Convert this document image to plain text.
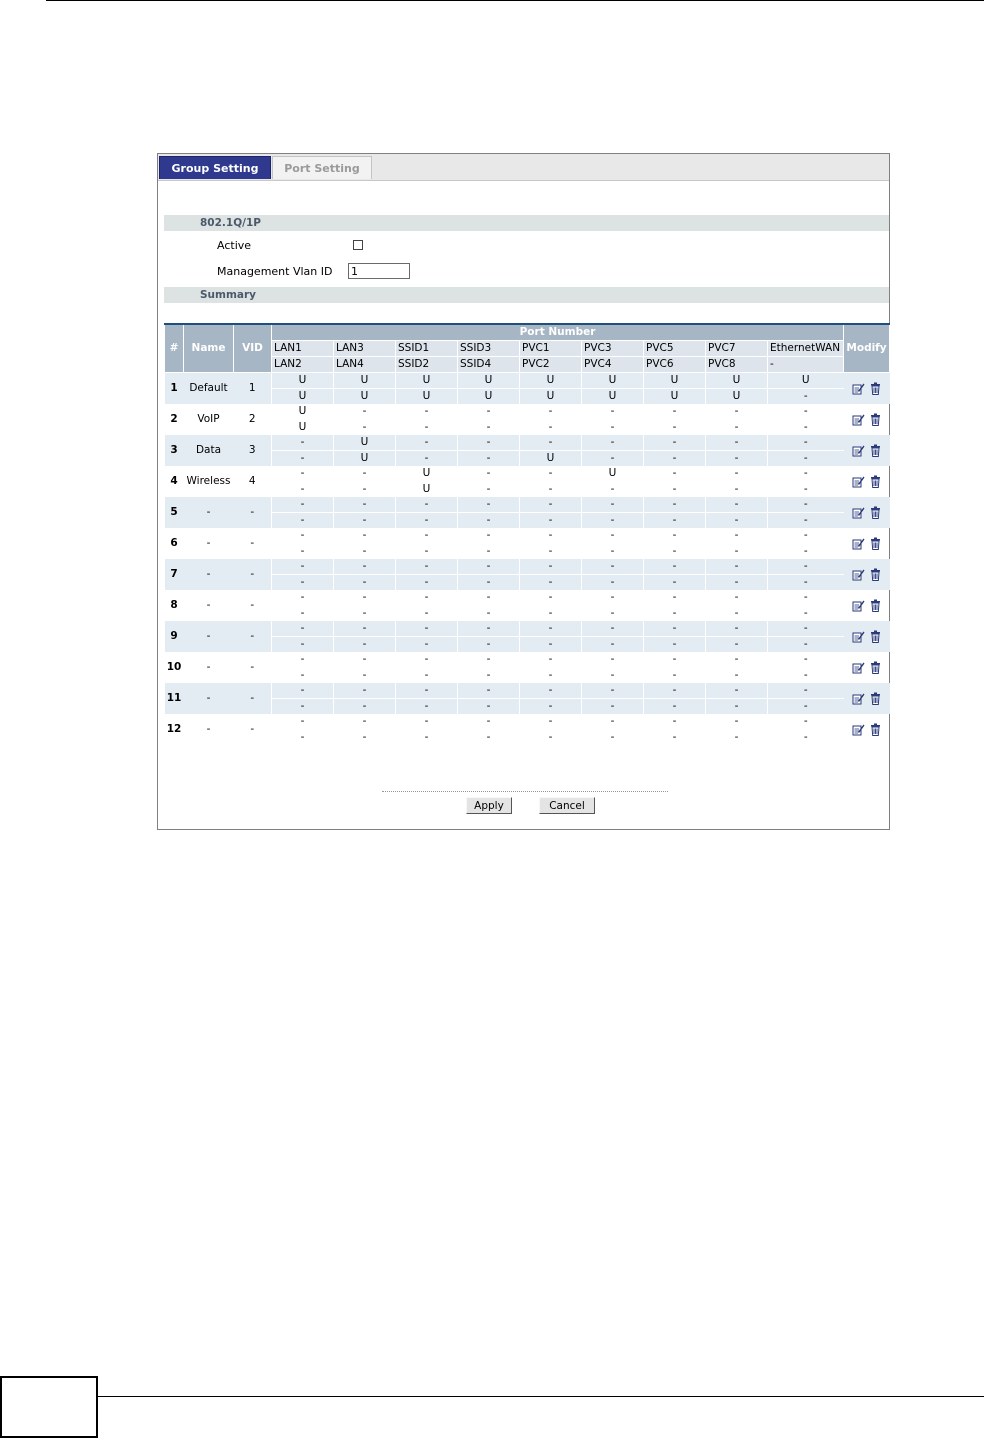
Group Setting	Port Setting
802.1Q/1P
Active
Management Vlan ID
1
Summary
#	Name	VID	Port Number									Modify
			LAN1	LAN3	SSID1	SSID3	PVC1	PVC3	PVC5	PVC7	EthernetWAN	
			LAN2	LAN4	SSID2	SSID4	PVC2	PVC4	PVC6	PVC8	-	
1	Default	1	U	U	U	U	U	U	U	U	U	
			U	U	U	U	U	U	U	U	-	
2	VoIP	2	U	-	-	-	-	-	-	-	-	
			U	-	-	-	-	-	-	-	-	
3	Data	3	-	U	-	-	-	-	-	-	-	
			-	U	-	-	U	-	-	-	-	
4	Wireless	4	-	-	U	-	-	U	-	-	-	
			-	-	U	-	-	-	-	-	-	
5	-	-	-	-	-	-	-	-	-	-	-	
			-	-	-	-	-	-	-	-	-	
6	-	-	-	-	-	-	-	-	-	-	-	
			-	-	-	-	-	-	-	-	-	
7	-	-	-	-	-	-	-	-	-	-	-	
			-	-	-	-	-	-	-	-	-	
8	-	-	-	-	-	-	-	-	-	-	-	
			-	-	-	-	-	-	-	-	-	
9	-	-	-	-	-	-	-	-	-	-	-	
			-	-	-	-	-	-	-	-	-	
10	-	-	-	-	-	-	-	-	-	-	-	
			-	-	-	-	-	-	-	-	-	
11	-	-	-	-	-	-	-	-	-	-	-	
			-	-	-	-	-	-	-	-	-	
12	-	-	-	-	-	-	-	-	-	-	-	
			-	-	-	-	-	-	-	-	-	
Apply	Cancel
